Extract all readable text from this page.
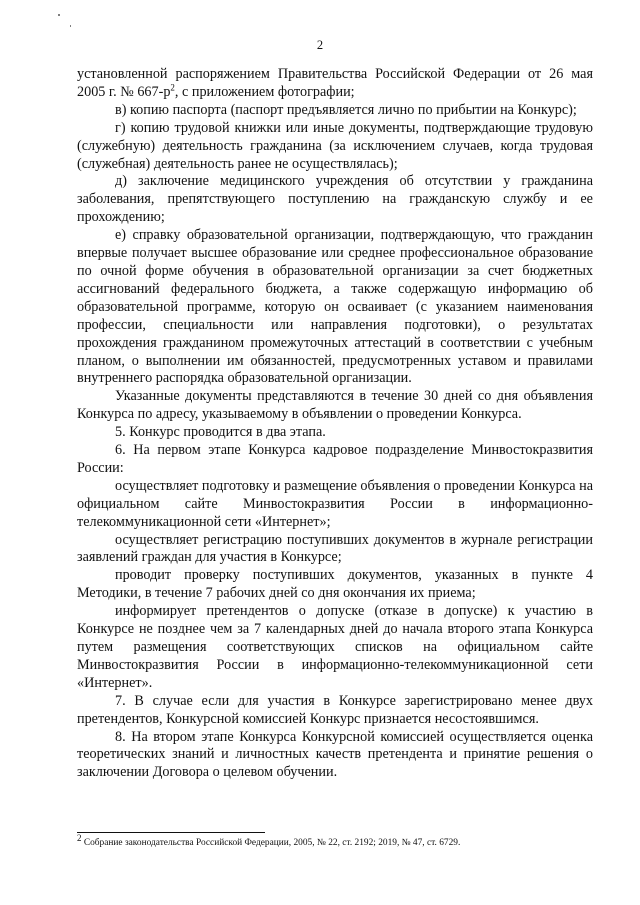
2

установленной распоряжением Правительства Российской Федерации от 26 мая 2005 г. № $667-р^2$, с приложением фотографии;

в) копию паспорта (паспорт предъявляется лично по прибытии на Конкурс);

г) копию трудовой книжки или иные документы, подтверждающие трудовую (служебную) деятельность гражданина (за исключением случаев, когда трудовая (служебная) деятельность ранее не осуществлялась);

д) заключение медицинского учреждения об отсутствии у гражданина заболевания, препятствующего поступлению на гражданскую службу и ее прохождению;

е) справку образовательной организации, подтверждающую, что гражданин впервые получает высшее образование или среднее профессиональное образование по очной форме обучения в образовательной организации за счет бюджетных ассигнований федерального бюджета, а также содержащую информацию об образовательной программе, которую он осваивает (с указанием наименования профессии, специальности или направления подготовки), о результатах прохождения гражданином промежуточных аттестаций в соответствии с учебным планом, о выполнении им обязанностей, предусмотренных уставом и правилами внутреннего распорядка образовательной организации.

Указанные документы представляются в течение 30 дней со дня объявления Конкурса по адресу, указываемому в объявлении о проведении Конкурса.

5. Конкурс проводится в два этапа.

6. На первом этапе Конкурса кадровое подразделение Минвостокразвития России:

осуществляет подготовку и размещение объявления о проведении Конкурса на официальном сайте Минвостокразвития России в информационно-телекоммуникационной сети «Интернет»;

осуществляет регистрацию поступивших документов в журнале регистрации заявлений граждан для участия в Конкурсе;

проводит проверку поступивших документов, указанных в пункте 4 Методики, в течение 7 рабочих дней со дня окончания их приема;

информирует претендентов о допуске (отказе в допуске) к участию в Конкурсе не позднее чем за 7 календарных дней до начала второго этапа Конкурса путем размещения соответствующих списков на официальном сайте Минвостокразвития России в информационно-телекоммуникационной сети «Интернет».

7. В случае если для участия в Конкурсе зарегистрировано менее двух претендентов, Конкурсной комиссией Конкурс признается несостоявшимся.

8. На втором этапе Конкурса Конкурсной комиссией осуществляется оценка теоретических знаний и личностных качеств претендента и принятие решения о заключении Договора о целевом обучении.

$^2$ Собрание законодательства Российской Федерации, 2005, № 22, ст. 2192; 2019, № 47, ст. 6729.
